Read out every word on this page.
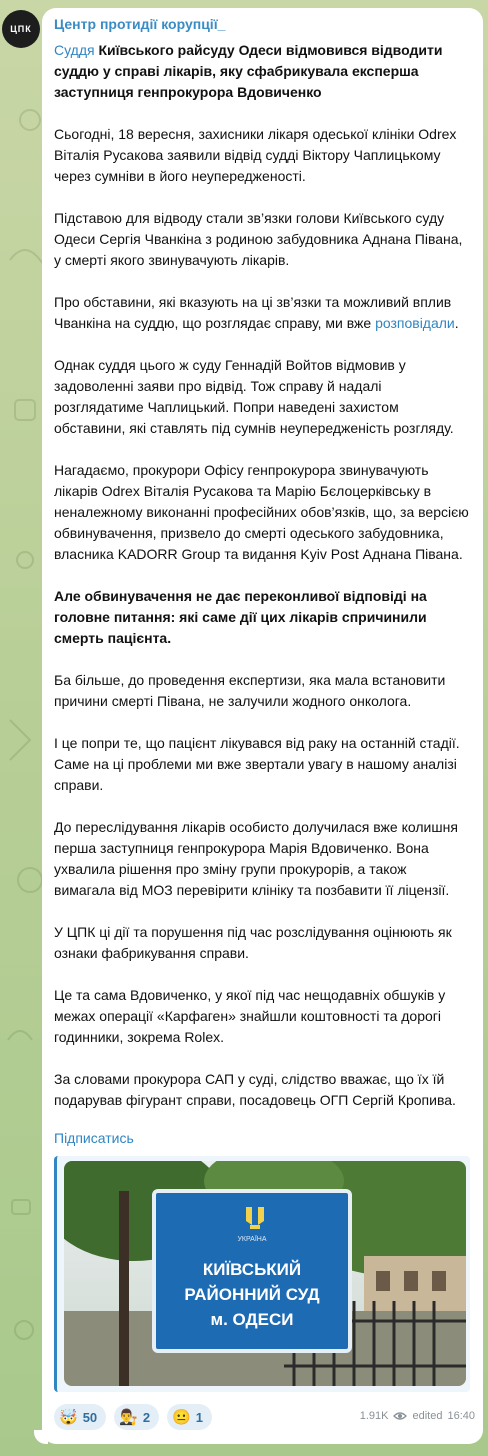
ЦПК	Центр протидії корупції_
Суддя Київського райсуду Одеси відмовився відводити суддю у справі лікарів, яку сфабрикувала експерша заступниця генпрокурора Вдовиченко

Сьогодні, 18 вересня, захисники лікаря одеської клініки Odrex Віталія Русакова заявили відвід судді Віктору Чаплицькому через сумніви в його неупередженості.

Підставою для відводу стали зв’язки голови Київського суду Одеси Сергія Чванкіна з родиною забудовника Аднана Півана, у смерті якого звинувачують лікарів.

Про обставини, які вказують на ці зв’язки та можливий вплив Чванкіна на суддю, що розглядає справу, ми вже розповідали.

Однак суддя цього ж суду Геннадій Войтов відмовив у задоволенні заяви про відвід. Тож справу й надалі розглядатиме Чаплицький. Попри наведені захистом обставини, які ставлять під сумнів неупередженість розгляду.

Нагадаємо, прокурори Офісу генпрокурора звинувачують лікарів Odrex Віталія Русакова та Марію Бєлоцерківську в неналежному виконанні професійних обов’язків, що, за версією обвинувачення, призвело до смерті одеського забудовника, власника KADORR Group та видання Kyiv Post Аднана Півана.

Але обвинувачення не дає переконливої відповіді на головне питання: які саме дії цих лікарів спричинили смерть пацієнта.

Ба більше, до проведення експертизи, яка мала встановити причини смерті Півана, не залучили жодного онколога.

І це попри те, що пацієнт лікувався від раку на останній стадії. Саме на ці проблеми ми вже звертали увагу в нашому аналізі справи.

До переслідування лікарів особисто долучилася вже колишня перша заступниця генпрокурора Марія Вдовиченко. Вона ухвалила рішення про зміну групи прокурорів, а також вимагала від МОЗ перевірити клініку та позбавити її ліцензії.

У ЦПК ці дії та порушення під час розслідування оцінюють як ознаки фабрикування справи.

Це та сама Вдовиченко, у якої під час нещодавніх обшуків у межах операції «Карфаген» знайшли коштовності та дорогі годинники, зокрема Rolex.

За словами прокурора САП у суді, слідство вважає, що їх їй подарував фігурант справи, посадовець ОГП Сергій Кропива.

Підписатись
УКРАЇНА
КИЇВСЬКИЙ
РАЙОННИЙ СУД
м. ОДЕСИ
🤯 50 👨‍⚖️ 2 😐 1	1.91K edited 16:40
